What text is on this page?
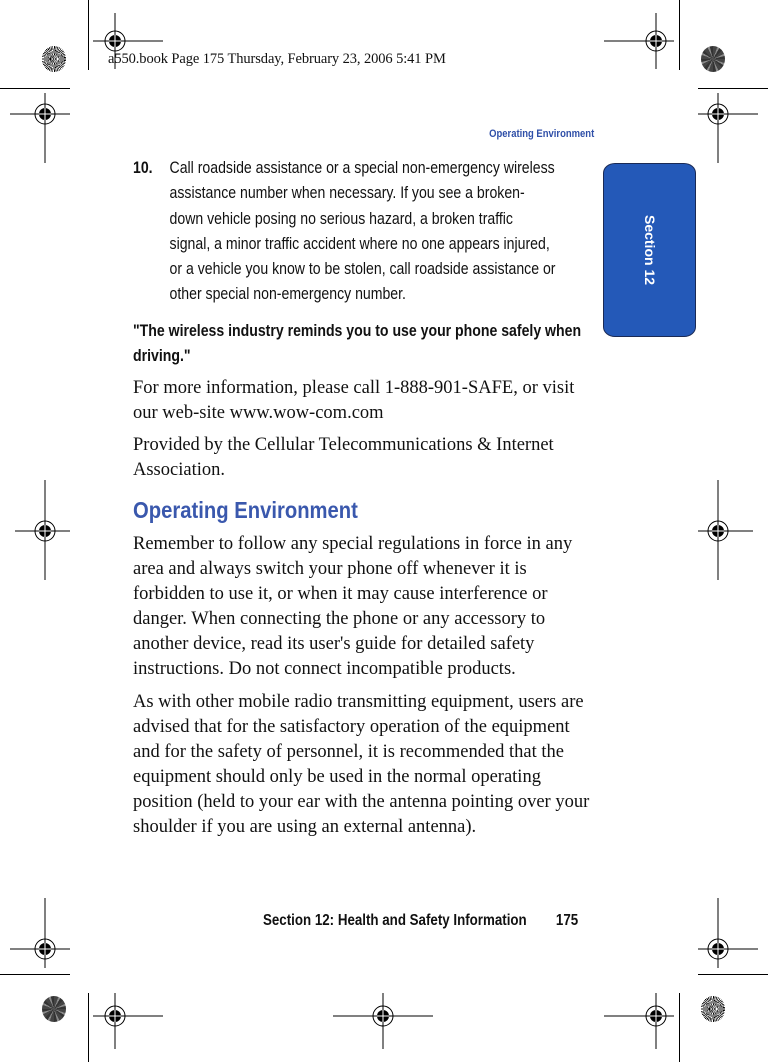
a550.book Page 175 Thursday, February 23, 2006 5:41 PM
Operating Environment
Section 12
10. Call roadside assistance or a special non-emergency wireless assistance number when necessary. If you see a broken-down vehicle posing no serious hazard, a broken traffic signal, a minor traffic accident where no one appears injured, or a vehicle you know to be stolen, call roadside assistance or other special non-emergency number.
"The wireless industry reminds you to use your phone safely when driving."

For more information, please call 1-888-901-SAFE, or visit our web-site www.wow-com.com

Provided by the Cellular Telecommunications & Internet Association.

Operating Environment

Remember to follow any special regulations in force in any area and always switch your phone off whenever it is forbidden to use it, or when it may cause interference or danger. When connecting the phone or any accessory to another device, read its user's guide for detailed safety instructions. Do not connect incompatible products.

As with other mobile radio transmitting equipment, users are advised that for the satisfactory operation of the equipment and for the safety of personnel, it is recommended that the equipment should only be used in the normal operating position (held to your ear with the antenna pointing over your shoulder if you are using an external antenna).

Section 12: Health and Safety Information 175
